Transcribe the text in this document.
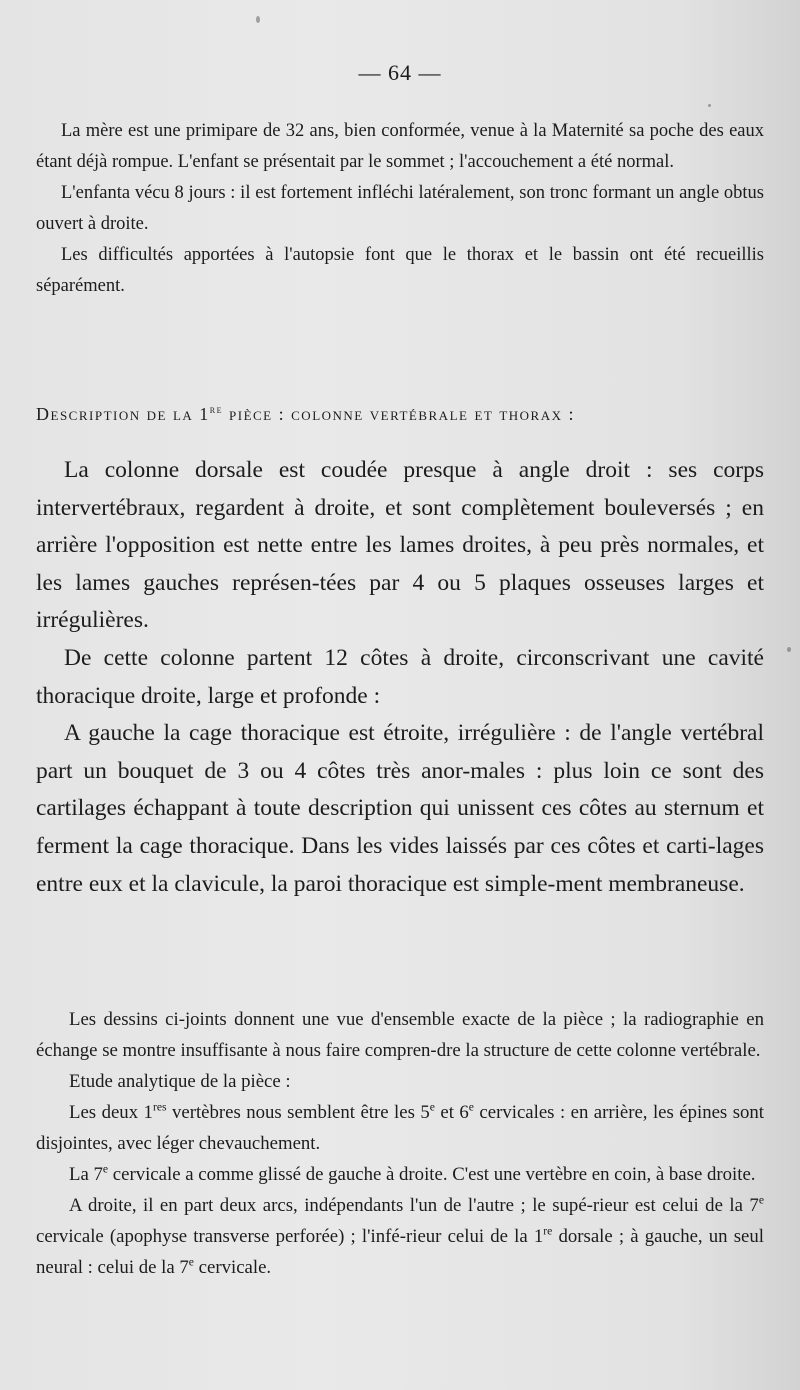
— 64 —

La mère est une primipare de 32 ans, bien conformée, venue à la Maternité sa poche des eaux étant déjà rompue. L'enfant se présentait par le sommet ; l'accouchement a été normal.

L'enfanta vécu 8 jours : il est fortement infléchi latéralement, son tronc formant un angle obtus ouvert à droite.

Les difficultés apportées à l'autopsie font que le thorax et le bassin ont été recueillis séparément.

Description de la 1re pièce : colonne vertébrale et thorax :

La colonne dorsale est coudée presque à angle droit : ses corps intervertébraux, regardent à droite, et sont complètement bouleversés ; en arrière l'opposition est nette entre les lames droites, à peu près normales, et les lames gauches représen-tées par 4 ou 5 plaques osseuses larges et irrégulières.

De cette colonne partent 12 côtes à droite, circonscrivant une cavité thoracique droite, large et profonde :

A gauche la cage thoracique est étroite, irrégulière : de l'angle vertébral part un bouquet de 3 ou 4 côtes très anor-males : plus loin ce sont des cartilages échappant à toute description qui unissent ces côtes au sternum et ferment la cage thoracique. Dans les vides laissés par ces côtes et carti-lages entre eux et la clavicule, la paroi thoracique est simple-ment membraneuse.

Les dessins ci-joints donnent une vue d'ensemble exacte de la pièce ; la radiographie en échange se montre insuffisante à nous faire compren-dre la structure de cette colonne vertébrale.

Etude analytique de la pièce :

Les deux 1res vertèbres nous semblent être les 5e et 6e cervicales : en arrière, les épines sont disjointes, avec léger chevauchement.

La 7e cervicale a comme glissé de gauche à droite. C'est une vertèbre en coin, à base droite.

A droite, il en part deux arcs, indépendants l'un de l'autre ; le supé-rieur est celui de la 7e cervicale (apophyse transverse perforée) ; l'infé-rieur celui de la 1re dorsale ; à gauche, un seul neural : celui de la 7e cervicale.
